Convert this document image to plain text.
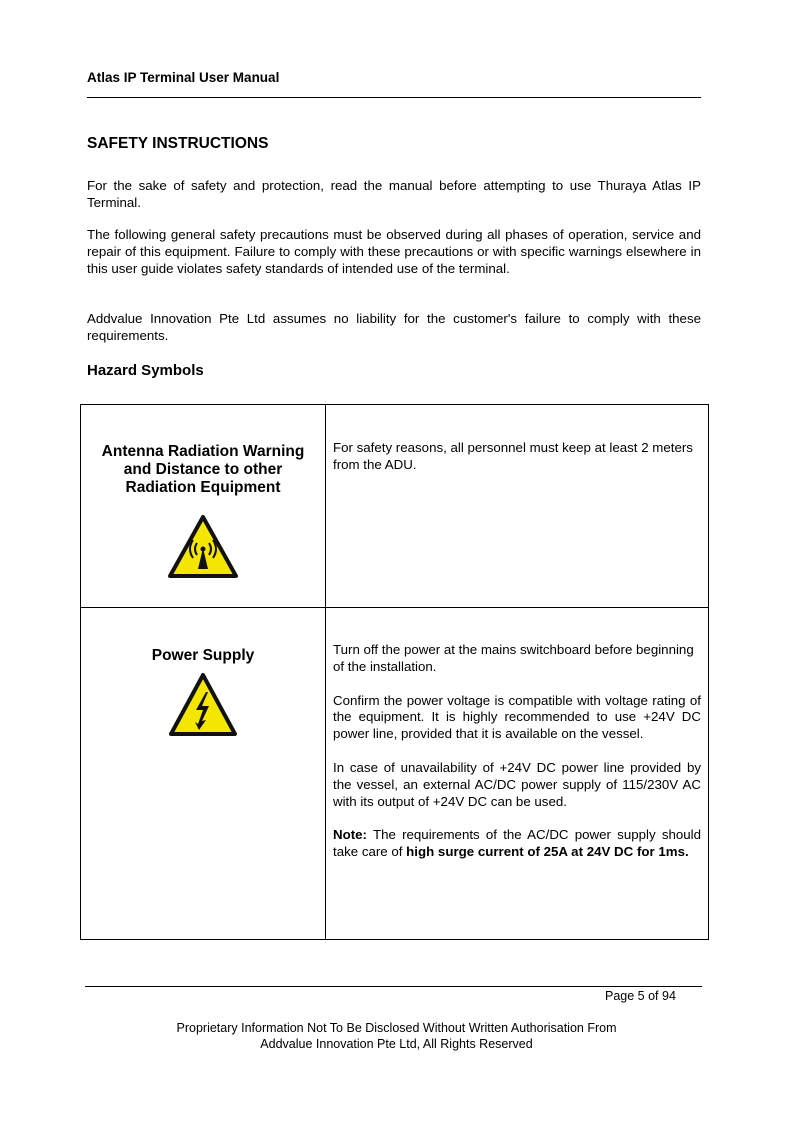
Atlas IP Terminal User Manual
SAFETY INSTRUCTIONS
For the sake of safety and protection, read the manual before attempting to use Thuraya Atlas IP Terminal.
The following general safety precautions must be observed during all phases of operation, service and repair of this equipment. Failure to comply with these precautions or with specific warnings elsewhere in this user guide violates safety standards of intended use of the terminal.
Addvalue Innovation Pte Ltd assumes no liability for the customer's failure to comply with these requirements.
Hazard Symbols
Antenna Radiation Warning and Distance to other Radiation Equipment	For safety reasons, all personnel must keep at least 2 meters from the ADU.

Power Supply	Turn off the power at the mains switchboard before beginning of the installation.

Confirm the power voltage is compatible with voltage rating of the equipment. It is highly recommended to use +24V DC power line, provided that it is available on the vessel.

In case of unavailability of +24V DC power line provided by the vessel, an external AC/DC power supply of 115/230V AC with its output of +24V DC can be used.

Note: The requirements of the AC/DC power supply should take care of high surge current of 25A at 24V DC for 1ms.

Page 5 of 94
Proprietary Information Not To Be Disclosed Without Written Authorisation From
Addvalue Innovation Pte Ltd, All Rights Reserved
